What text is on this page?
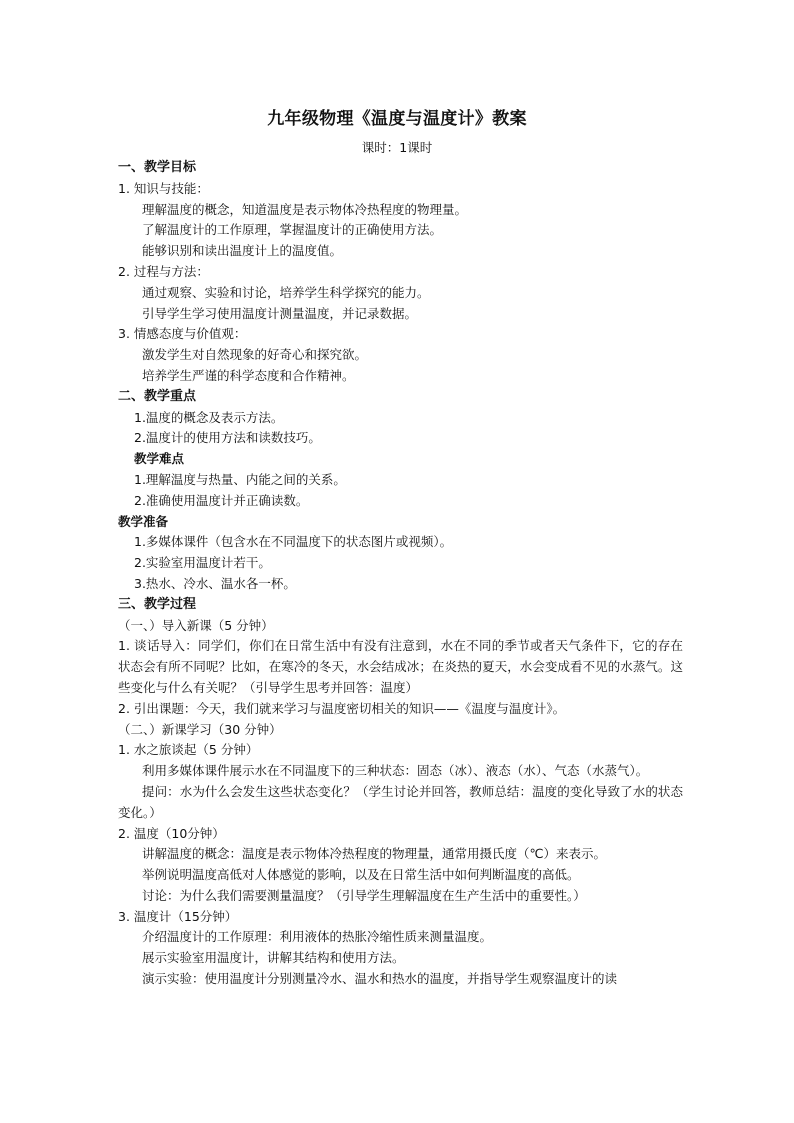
九年级物理《温度与温度计》教案
课时：1课时
一、教学目标
1. 知识与技能：
理解温度的概念，知道温度是表示物体冷热程度的物理量。
了解温度计的工作原理，掌握温度计的正确使用方法。
能够识别和读出温度计上的温度值。
2. 过程与方法：
通过观察、实验和讨论，培养学生科学探究的能力。
引导学生学习使用温度计测量温度，并记录数据。
3. 情感态度与价值观：
激发学生对自然现象的好奇心和探究欲。
培养学生严谨的科学态度和合作精神。
二、教学重点
1.温度的概念及表示方法。
2.温度计的使用方法和读数技巧。
教学难点
1.理解温度与热量、内能之间的关系。
2.准确使用温度计并正确读数。
教学准备
1.多媒体课件（包含水在不同温度下的状态图片或视频）。
2.实验室用温度计若干。
3.热水、冷水、温水各一杯。
三、教学过程
（一、）导入新课（5 分钟）
1. 谈话导入：同学们，你们在日常生活中有没有注意到，水在不同的季节或者天气条件下，它的存在状态会有所不同呢？比如，在寒冷的冬天，水会结成冰；在炎热的夏天，水会变成看不见的水蒸气。这些变化与什么有关呢？（引导学生思考并回答：温度）
2. 引出课题：今天，我们就来学习与温度密切相关的知识——《温度与温度计》。
（二、）新课学习（30 分钟）
1. 水之旅谈起（5 分钟）
利用多媒体课件展示水在不同温度下的三种状态：固态（冰）、液态（水）、气态（水蒸气）。
提问：水为什么会发生这些状态变化？（学生讨论并回答，教师总结：温度的变化导致了水的状态变化。）
2. 温度（10分钟）
讲解温度的概念：温度是表示物体冷热程度的物理量，通常用摄氏度（℃）来表示。
举例说明温度高低对人体感觉的影响，以及在日常生活中如何判断温度的高低。
讨论：为什么我们需要测量温度？（引导学生理解温度在生产生活中的重要性。）
3. 温度计（15分钟）
介绍温度计的工作原理：利用液体的热胀冷缩性质来测量温度。
展示实验室用温度计，讲解其结构和使用方法。
演示实验：使用温度计分别测量冷水、温水和热水的温度，并指导学生观察温度计的读
